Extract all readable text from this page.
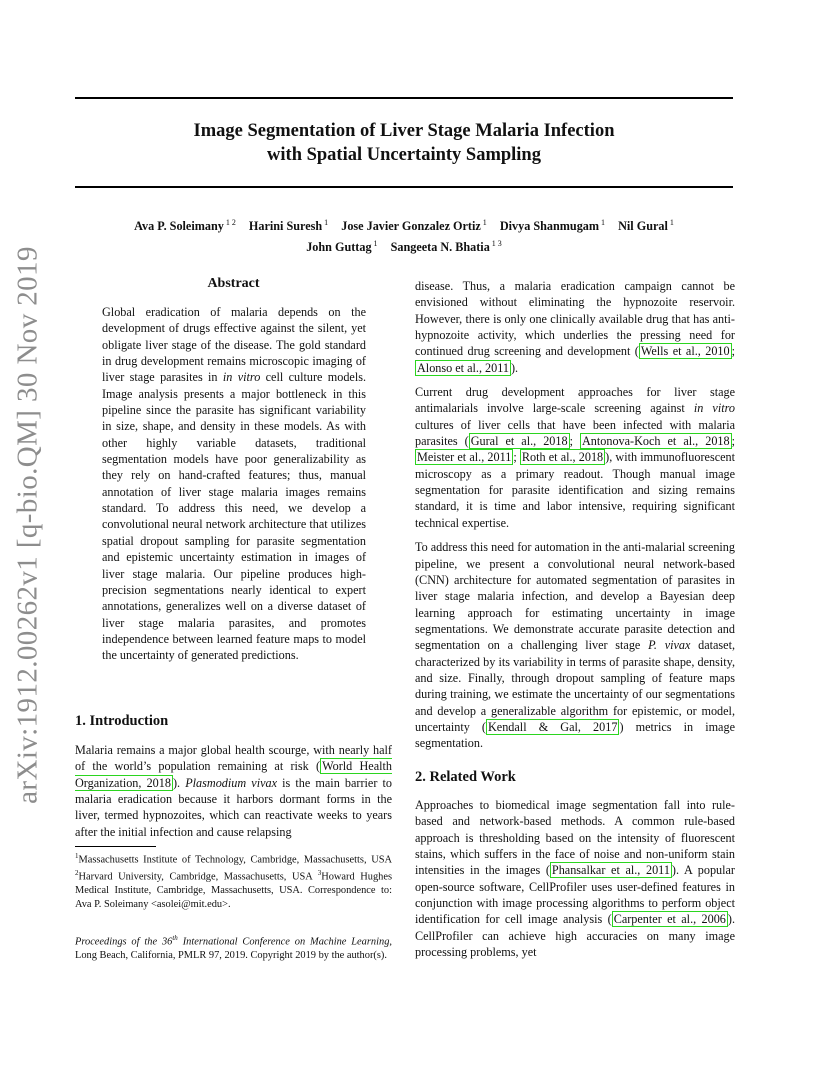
arXiv:1912.00262v1 [q-bio.QM] 30 Nov 2019
Image Segmentation of Liver Stage Malaria Infection
with Spatial Uncertainty Sampling
Ava P. Soleimany $^{1 2}$ Harini Suresh $^1$ Jose Javier Gonzalez Ortiz $^1$ Divya Shanmugam $^1$ Nil Gural $^1$
John Guttag $^1$ Sangeeta N. Bhatia $^{1 3}$
Abstract

Global eradication of malaria depends on the development of drugs effective against the silent, yet obligate liver stage of the disease. The gold standard in drug development remains microscopic imaging of liver stage parasites in in vitro cell culture models. Image analysis presents a major bottleneck in this pipeline since the parasite has significant variability in size, shape, and density in these models. As with other highly variable datasets, traditional segmentation models have poor generalizability as they rely on hand-crafted features; thus, manual annotation of liver stage malaria images remains standard. To address this need, we develop a convolutional neural network architecture that utilizes spatial dropout sampling for parasite segmentation and epistemic uncertainty estimation in images of liver stage malaria. Our pipeline produces high-precision segmentations nearly identical to expert annotations, generalizes well on a diverse dataset of liver stage malaria parasites, and promotes independence between learned feature maps to model the uncertainty of generated predictions.

1. Introduction

Malaria remains a major global health scourge, with nearly half of the world’s population remaining at risk ( World Health Organization, 2018 ). Plasmodium vivax is the main barrier to malaria eradication because it harbors dormant forms in the liver, termed hypnozoites, which can reactivate weeks to years after the initial infection and cause relapsing

$^1$Massachusetts Institute of Technology, Cambridge, Massachusetts, USA $^2$Harvard University, Cambridge, Massachusetts, USA $^3$Howard Hughes Medical Institute, Cambridge, Massachusetts, USA. Correspondence to: Ava P. Soleimany <asolei@mit.edu>.

Proceedings of the 36th International Conference on Machine Learning, Long Beach, California, PMLR 97, 2019. Copyright 2019 by the author(s).

disease. Thus, a malaria eradication campaign cannot be envisioned without eliminating the hypnozoite reservoir. However, there is only one clinically available drug that has anti-hypnozoite activity, which underlies the pressing need for continued drug screening and development ( Wells et al., 2010 ; Alonso et al., 2011 ).

Current drug development approaches for liver stage antimalarials involve large-scale screening against in vitro cultures of liver cells that have been infected with malaria parasites ( Gural et al., 2018 ; Antonova-Koch et al., 2018 ; Meister et al., 2011 ; Roth et al., 2018 ), with immunofluorescent microscopy as a primary readout. Though manual image segmentation for parasite identification and sizing remains standard, it is time and labor intensive, requiring significant technical expertise.

To address this need for automation in the anti-malarial screening pipeline, we present a convolutional neural network-based (CNN) architecture for automated segmentation of parasites in liver stage malaria infection, and develop a Bayesian deep learning approach for estimating uncertainty in image segmentations. We demonstrate accurate parasite detection and segmentation on a challenging liver stage P. vivax dataset, characterized by its variability in terms of parasite shape, density, and size. Finally, through dropout sampling of feature maps during training, we estimate the uncertainty of our segmentations and develop a generalizable algorithm for epistemic, or model, uncertainty ( Kendall & Gal, 2017 ) metrics in image segmentation.

2. Related Work

Approaches to biomedical image segmentation fall into rule-based and network-based methods. A common rule-based approach is thresholding based on the intensity of fluorescent stains, which suffers in the face of noise and non-uniform stain intensities in the images ( Phansalkar et al., 2011 ). A popular open-source software, CellProfiler uses user-defined features in conjunction with image processing algorithms to perform object identification for cell image analysis ( Carpenter et al., 2006 ). CellProfiler can achieve high accuracies on many image processing problems, yet
